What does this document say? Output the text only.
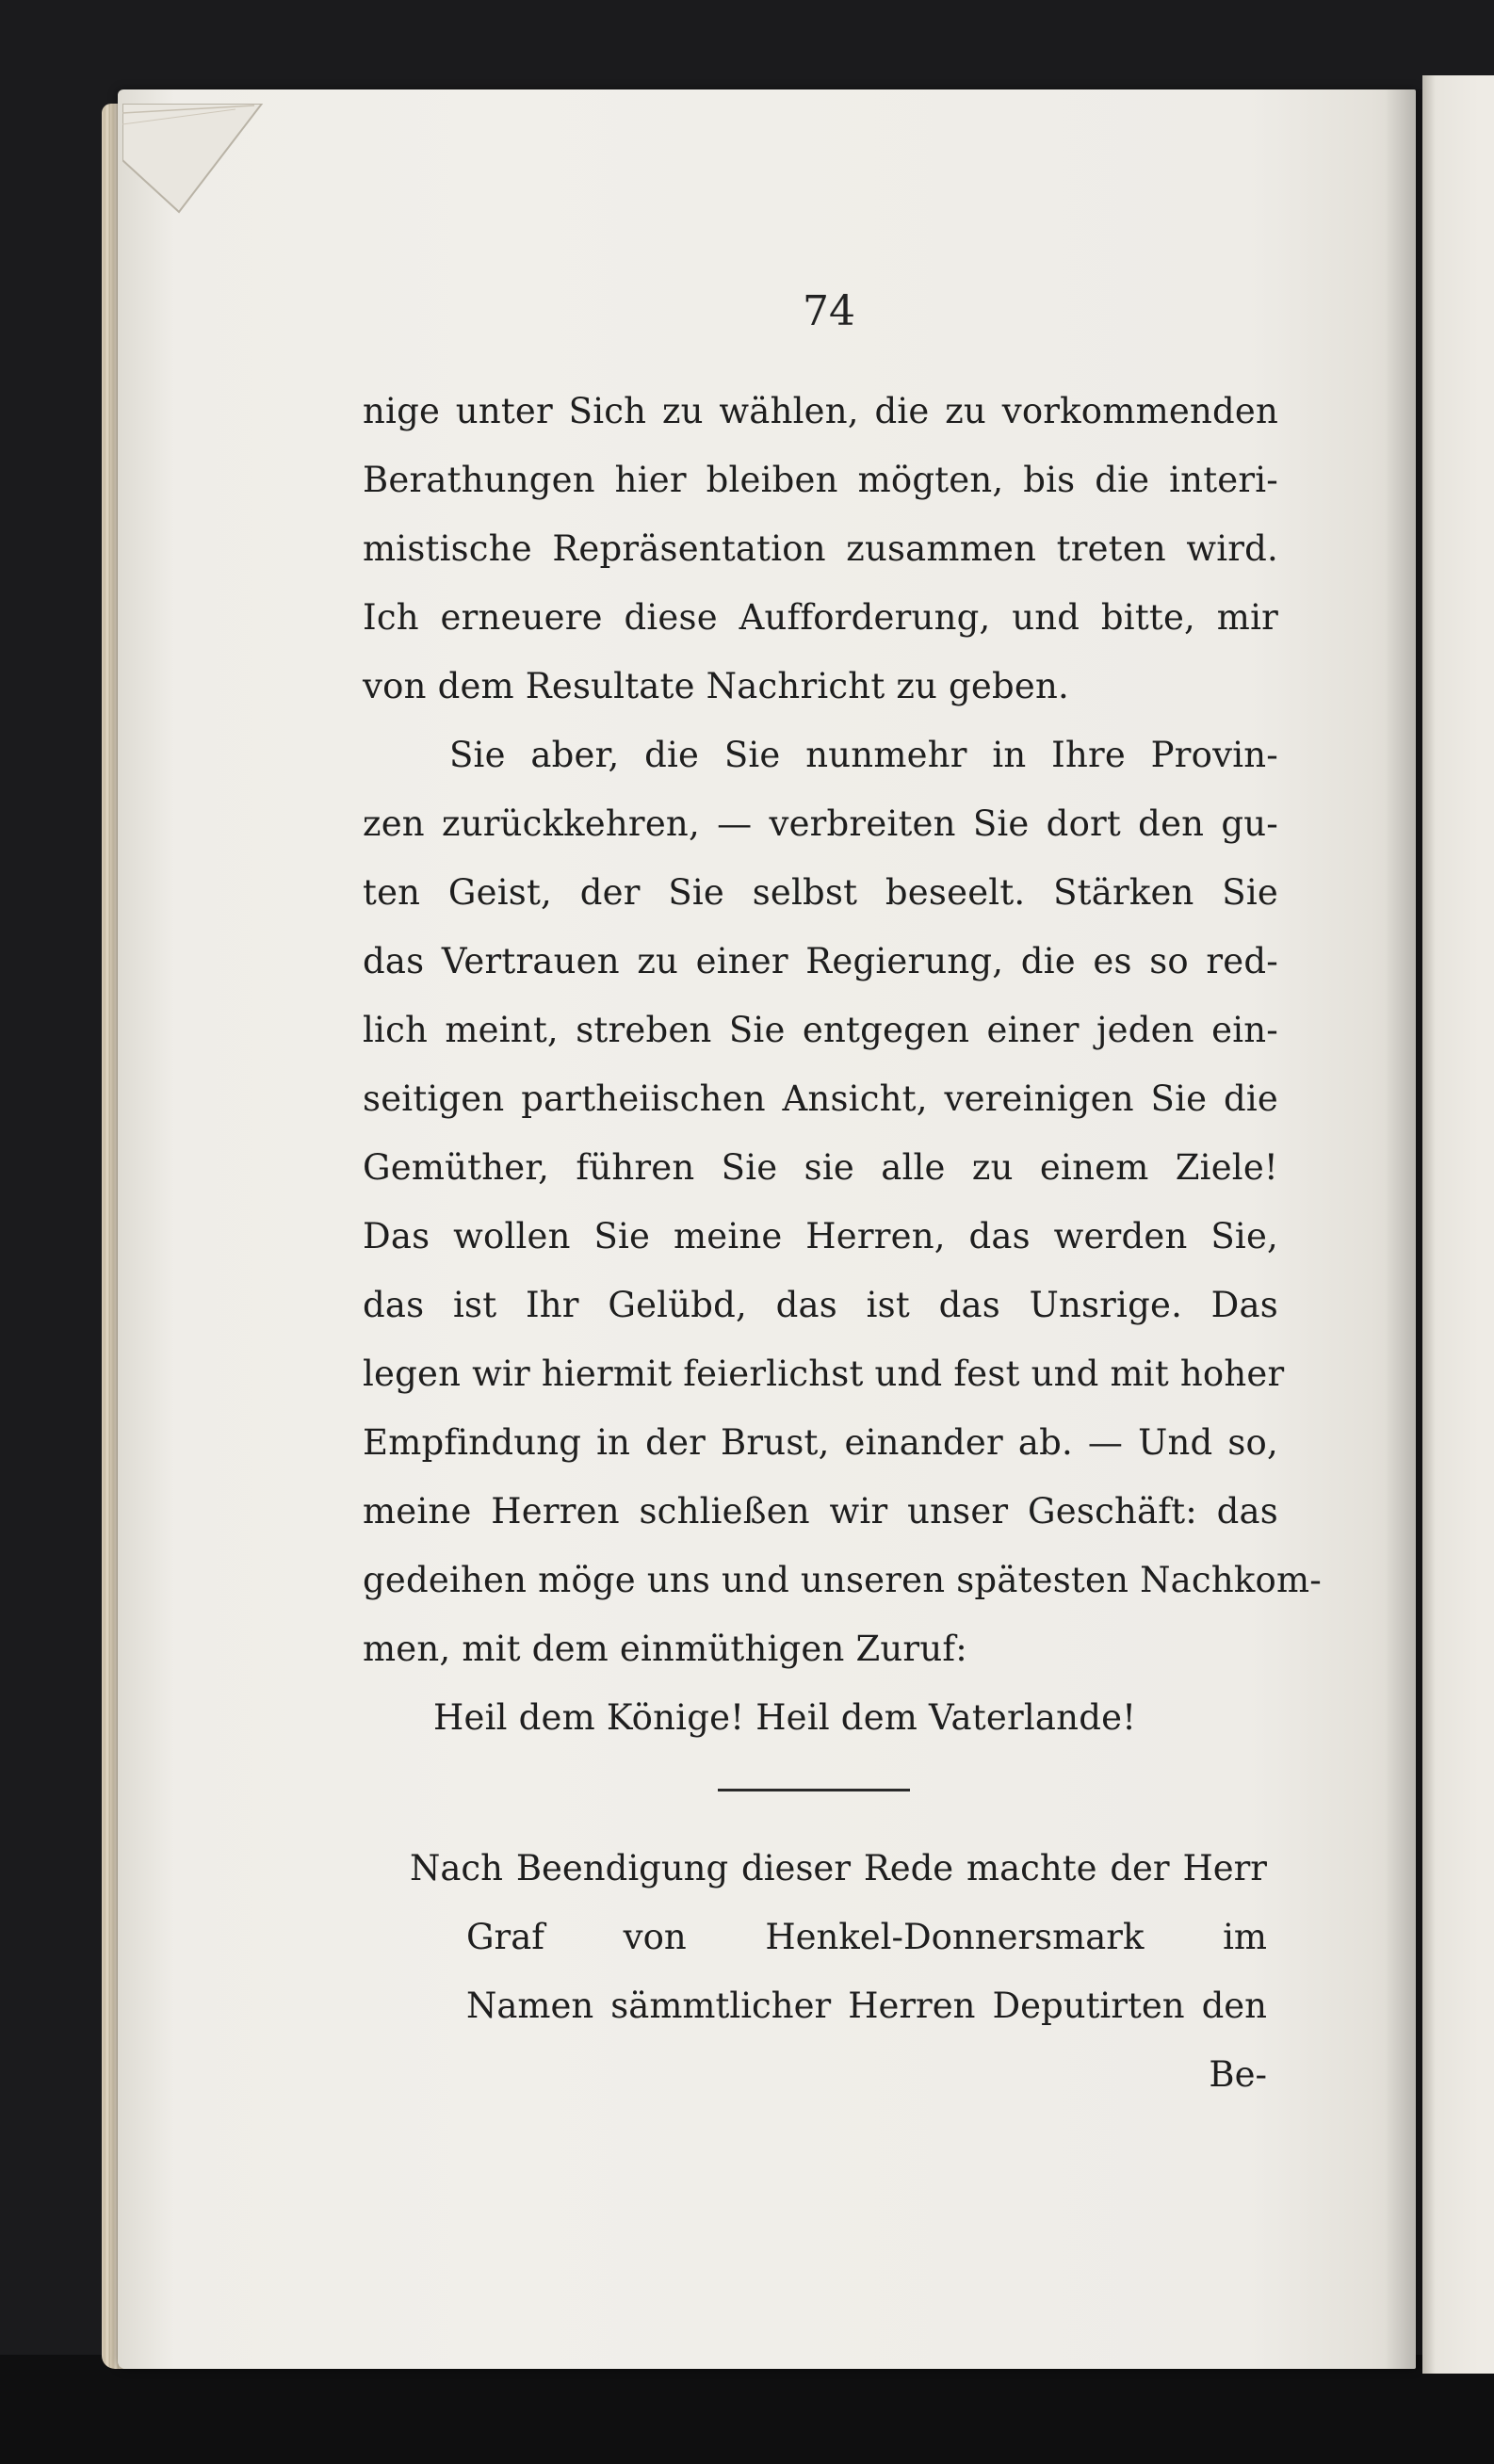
74
nige unter Sich zu wählen, die zu vorkommenden
Berathungen hier bleiben mögten, bis die interi-
mistische Repräsentation zusammen treten wird.
Ich erneuere diese Aufforderung, und bitte, mir
von dem Resultate Nachricht zu geben.
Sie aber, die Sie nunmehr in Ihre Provin-
zen zurückkehren, — verbreiten Sie dort den gu-
ten Geist, der Sie selbst beseelt. Stärken Sie
das Vertrauen zu einer Regierung, die es so red-
lich meint, streben Sie entgegen einer jeden ein-
seitigen partheiischen Ansicht, vereinigen Sie die
Gemüther, führen Sie sie alle zu einem Ziele!
Das wollen Sie meine Herren, das werden Sie,
das ist Ihr Gelübd, das ist das Unsrige. Das
legen wir hiermit feierlichst und fest und mit hoher
Empfindung in der Brust, einander ab. — Und so,
meine Herren schließen wir unser Geschäft: das
gedeihen möge uns und unseren spätesten Nachkom-
men, mit dem einmüthigen Zuruf:
Heil dem Könige! Heil dem Vaterlande!
Nach Beendigung dieser Rede machte der Herr
Graf von Henkel-Donnersmark im
Namen sämmtlicher Herren Deputirten den
Be-
